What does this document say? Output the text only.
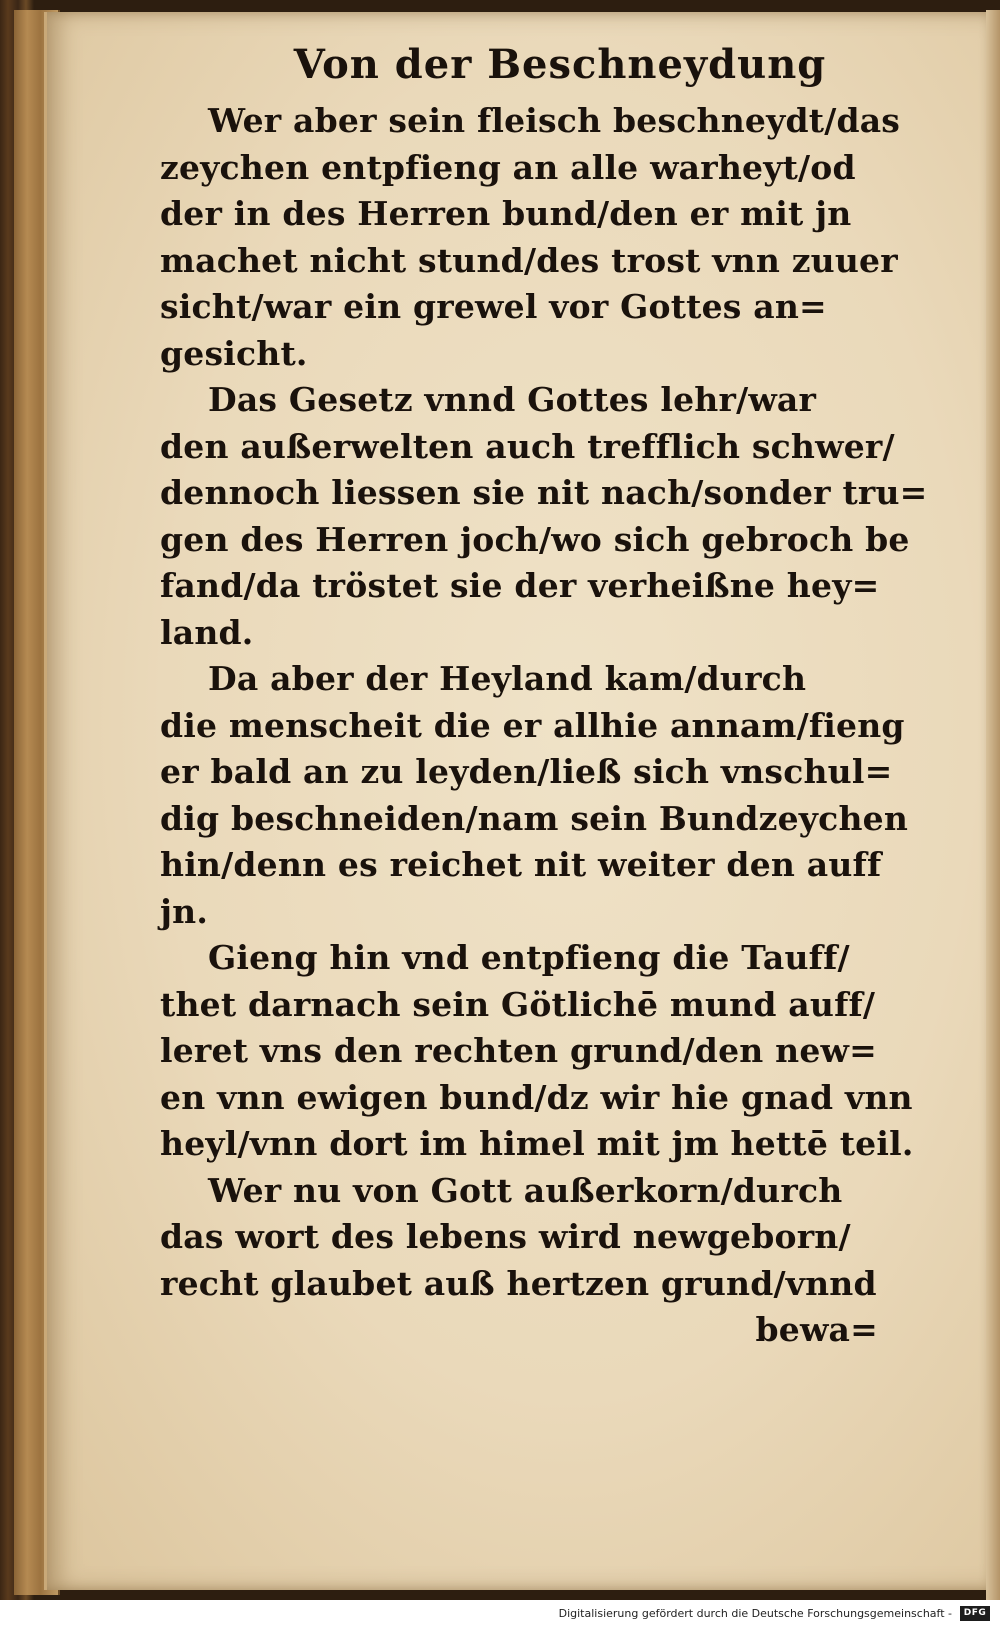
Von der Beschneydung
Wer aber sein fleisch beschneydt/das
zeychen entpfieng an alle warheyt/od
der in des Herren bund/den er mit jn
machet nicht stund/des trost vnn zuuer
sicht/war ein grewel vor Gottes an=
gesicht.
Das Gesetz vnnd Gottes lehr/war
den außerwelten auch trefflich schwer/
dennoch liessen sie nit nach/sonder tru=
gen des Herren joch/wo sich gebroch be
fand/da tröstet sie der verheißne hey=
land.
Da aber der Heyland kam/durch
die menscheit die er allhie annam/fieng
er bald an zu leyden/ließ sich vnschul=
dig beschneiden/nam sein Bundzeychen
hin/denn es reichet nit weiter den auff
jn.
Gieng hin vnd entpfieng die Tauff/
thet darnach sein Götlichē mund auff/
leret vns den rechten grund/den new=
en vnn ewigen bund/dz wir hie gnad vnn
heyl/vnn dort im himel mit jm hettē teil.
Wer nu von Gott außerkorn/durch
das wort des lebens wird newgeborn/
recht glaubet auß hertzen grund/vnnd
bewa=
Digitalisierung gefördert durch die Deutsche Forschungsgemeinschaft -	DFG
